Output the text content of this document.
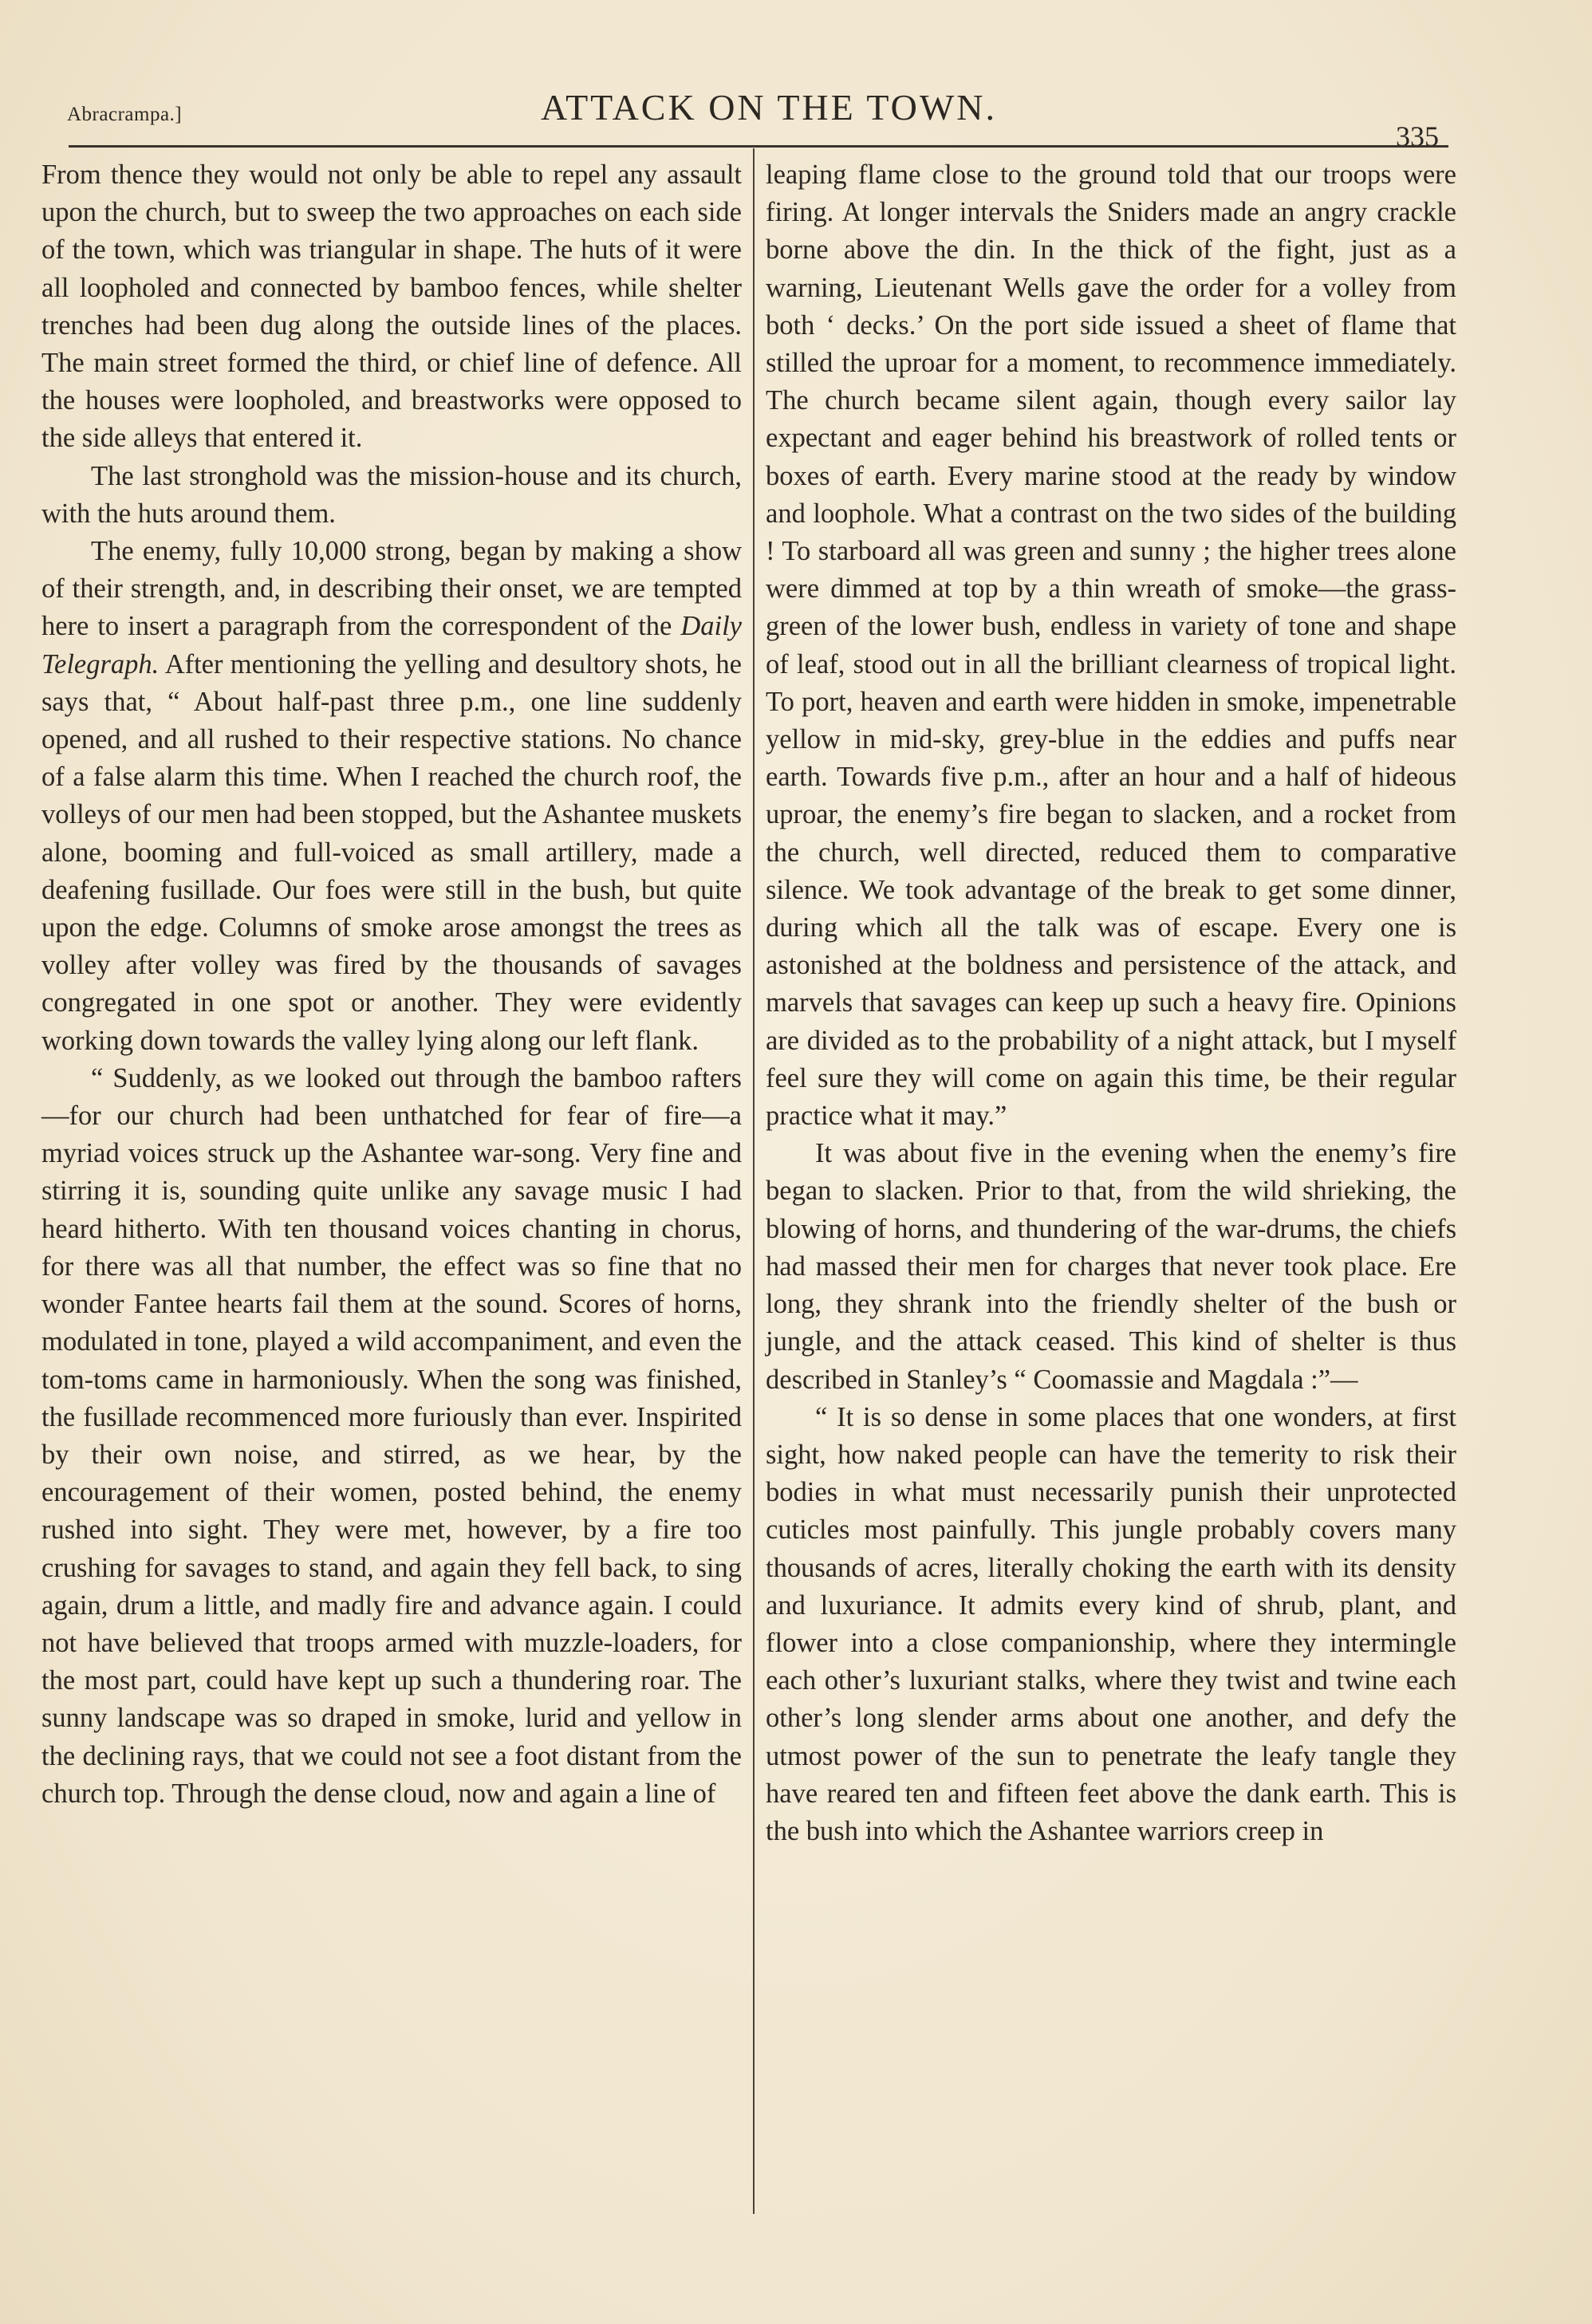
Abracrampa.]	ATTACK ON THE TOWN.
335

From thence they would not only be able to repel any assault upon the church, but to sweep the two approaches on each side of the town, which was triangular in shape. The huts of it were all loopholed and connected by bamboo fences, while shelter trenches had been dug along the outside lines of the places. The main street formed the third, or chief line of defence. All the houses were loopholed, and breastworks were opposed to the side alleys that entered it.

The last stronghold was the mission-house and its church, with the huts around them.

The enemy, fully 10,000 strong, began by making a show of their strength, and, in describing their onset, we are tempted here to insert a paragraph from the correspondent of the Daily Telegraph. After mentioning the yelling and desultory shots, he says that, “ About half-past three p.m., one line suddenly opened, and all rushed to their respective stations. No chance of a false alarm this time. When I reached the church roof, the volleys of our men had been stopped, but the Ashantee muskets alone, booming and full-voiced as small artillery, made a deafening fusillade. Our foes were still in the bush, but quite upon the edge. Columns of smoke arose amongst the trees as volley after volley was fired by the thousands of savages congregated in one spot or another. They were evidently working down towards the valley lying along our left flank.

“ Suddenly, as we looked out through the bamboo rafters—for our church had been unthatched for fear of fire—a myriad voices struck up the Ashantee war-song. Very fine and stirring it is, sounding quite unlike any savage music I had heard hitherto. With ten thousand voices chanting in chorus, for there was all that number, the effect was so fine that no wonder Fantee hearts fail them at the sound. Scores of horns, modulated in tone, played a wild accompaniment, and even the tom-toms came in harmoniously. When the song was finished, the fusillade recommenced more furiously than ever. Inspirited by their own noise, and stirred, as we hear, by the encouragement of their women, posted behind, the enemy rushed into sight. They were met, however, by a fire too crushing for savages to stand, and again they fell back, to sing again, drum a little, and madly fire and advance again. I could not have believed that troops armed with muzzle-loaders, for the most part, could have kept up such a thundering roar. The sunny landscape was so draped in smoke, lurid and yellow in the declining rays, that we could not see a foot distant from the church top. Through the dense cloud, now and again a line of

leaping flame close to the ground told that our troops were firing. At longer intervals the Sniders made an angry crackle borne above the din. In the thick of the fight, just as a warning, Lieutenant Wells gave the order for a volley from both ‘ decks.’ On the port side issued a sheet of flame that stilled the uproar for a moment, to recommence immediately. The church became silent again, though every sailor lay expectant and eager behind his breastwork of rolled tents or boxes of earth. Every marine stood at the ready by window and loophole. What a contrast on the two sides of the building ! To starboard all was green and sunny ; the higher trees alone were dimmed at top by a thin wreath of smoke—the grass-green of the lower bush, endless in variety of tone and shape of leaf, stood out in all the brilliant clearness of tropical light. To port, heaven and earth were hidden in smoke, impenetrable yellow in mid-sky, grey-blue in the eddies and puffs near earth. Towards five p.m., after an hour and a half of hideous uproar, the enemy’s fire began to slacken, and a rocket from the church, well directed, reduced them to comparative silence. We took advantage of the break to get some dinner, during which all the talk was of escape. Every one is astonished at the boldness and persistence of the attack, and marvels that savages can keep up such a heavy fire. Opinions are divided as to the probability of a night attack, but I myself feel sure they will come on again this time, be their regular practice what it may.”

It was about five in the evening when the enemy’s fire began to slacken. Prior to that, from the wild shrieking, the blowing of horns, and thundering of the war-drums, the chiefs had massed their men for charges that never took place. Ere long, they shrank into the friendly shelter of the bush or jungle, and the attack ceased. This kind of shelter is thus described in Stanley’s “ Coomassie and Magdala :”—

“ It is so dense in some places that one wonders, at first sight, how naked people can have the temerity to risk their bodies in what must necessarily punish their unprotected cuticles most painfully. This jungle probably covers many thousands of acres, literally choking the earth with its density and luxuriance. It admits every kind of shrub, plant, and flower into a close companionship, where they intermingle each other’s luxuriant stalks, where they twist and twine each other’s long slender arms about one another, and defy the utmost power of the sun to penetrate the leafy tangle they have reared ten and fifteen feet above the dank earth. This is the bush into which the Ashantee warriors creep in
